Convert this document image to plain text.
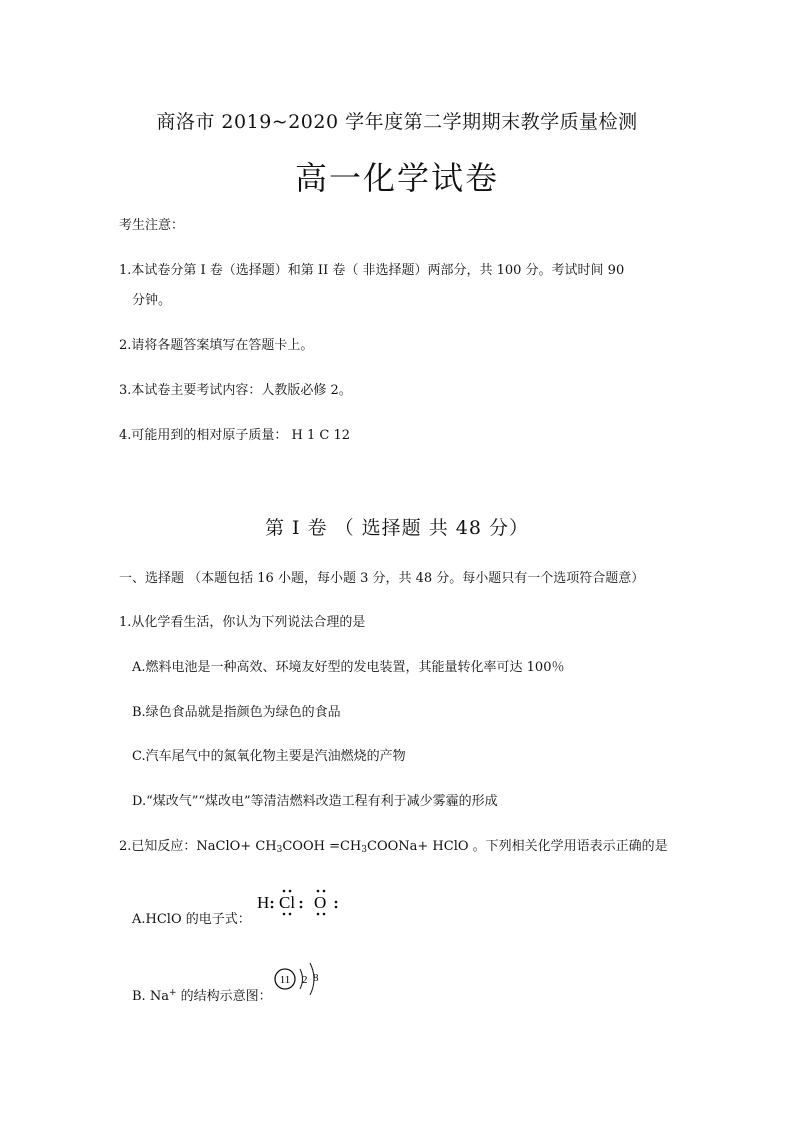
商洛市 2019~2020 学年度第二学期期末教学质量检测
高一化学试卷
考生注意：
1.本试卷分第 I 卷（选择题）和第 II 卷（ 非选择题）两部分，共 100 分。考试时间 90
分钟。
2.请将各题答案填写在答题卡上。
3.本试卷主要考试内容：人教版必修 2。
4.可能用到的相对原子质量： H 1 C 12
第 I 卷 （ 选择题 共 48 分）
一、选择题 （本题包括 16 小题，每小题 3 分，共 48 分。每小题只有一个选项符合题意）
1.从化学看生活，你认为下列说法合理的是
A.燃料电池是一种高效、环境友好型的发电装置，其能量转化率可达 100％
B.绿色食品就是指颜色为绿色的食品
C.汽车尾气中的氮氧化物主要是汽油燃烧的产物
D.“煤改气”“煤改电”等清洁燃料改造工程有利于减少雾霾的形成
2.已知反应：NaClO+ $CH_3COOH$ $=CH_3COONa+$ HClO 。下列相关化学用语表示正确的是
A.HClO 的电子式：
H Cl O
B. Na+ 的结构示意图：
11 2 8
